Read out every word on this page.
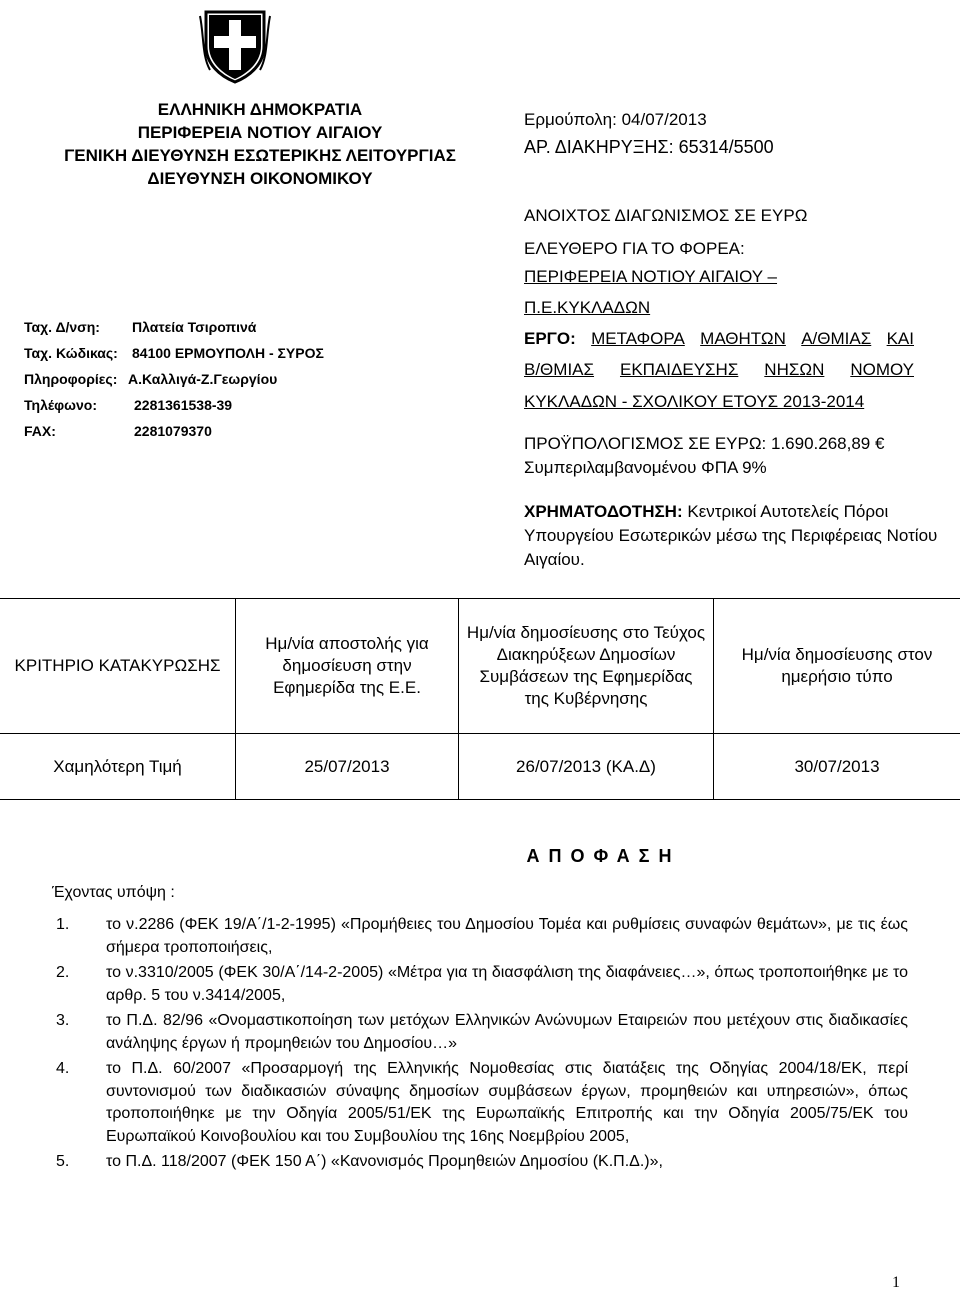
ΕΛΛΗΝΙΚΗ ΔΗΜΟΚΡΑΤΙΑ
ΠΕΡΙΦΕΡΕΙΑ ΝΟΤΙΟΥ ΑΙΓΑΙΟΥ
ΓΕΝΙΚΗ ΔΙΕΥΘΥΝΣΗ ΕΣΩΤΕΡΙΚΗΣ ΛΕΙΤΟΥΡΓΙΑΣ
ΔΙΕΥΘΥΝΣΗ ΟΙΚΟΝΟΜΙΚΟΥ
Ταχ. Δ/νση: Πλατεία Τσιροπινά
Ταχ. Κώδικας: 84100 ΕΡΜΟΥΠΟΛΗ - ΣΥΡΟΣ
Πληροφορίες: Α.Καλλιγά-Ζ.Γεωργίου
Τηλέφωνο:	2281361538-39
FAX:	2281079370
Ερμούπολη: 04/07/2013
ΑΡ. ΔΙΑΚΗΡΥΞΗΣ: 65314/5500
ΑΝΟΙΧΤΟΣ ΔΙΑΓΩΝΙΣΜΟΣ ΣΕ ΕΥΡΩ
ΕΛΕΥΘΕΡΟ ΓΙΑ ΤΟ ΦΟΡΕΑ:
ΠΕΡΙΦΕΡΕΙΑ ΝΟΤΙΟΥ ΑΙΓΑΙΟΥ –
Π.Ε.ΚΥΚΛΑΔΩΝ
ΕΡΓΟ: ΜΕΤΑΦΟΡΑ ΜΑΘΗΤΩΝ Α/ΘΜΙΑΣ ΚΑΙ
Β/ΘΜΙΑΣ ΕΚΠΑΙΔΕΥΣΗΣ ΝΗΣΩΝ ΝΟΜΟΥ
ΚΥΚΛΑΔΩΝ - ΣΧΟΛΙΚΟΥ ΕΤΟΥΣ 2013-2014
ΠΡΟΫΠΟΛΟΓΙΣΜΟΣ ΣΕ ΕΥΡΩ: 1.690.268,89 €
Συμπεριλαμβανομένου ΦΠΑ 9%
ΧΡΗΜΑΤΟΔΟΤΗΣΗ: Κεντρικοί Αυτοτελείς Πόροι Υπουργείου Εσωτερικών μέσω της Περιφέρειας Νοτίου Αιγαίου.
ΚΡΙΤΗΡΙΟ ΚΑΤΑΚΥΡΩΣΗΣ	Ημ/νία αποστολής για δημοσίευση στην Εφημερίδα της Ε.Ε.	Ημ/νία δημοσίευσης στο Τεύχος Διακηρύξεων Δημοσίων Συμβάσεων της Εφημερίδας της Κυβέρνησης	Ημ/νία δημοσίευσης στον ημερήσιο τύπο
Χαμηλότερη Τιμή	25/07/2013	26/07/2013 (ΚΑ.Δ)	30/07/2013
Α Π Ο Φ Α Σ Η
Έχοντας υπόψη :
1. το ν.2286 (ΦΕΚ 19/Α΄/1-2-1995) «Προμήθειες του Δημοσίου Τομέα και ρυθμίσεις συναφών θεμάτων», με τις έως σήμερα τροποποιήσεις,
2. το ν.3310/2005 (ΦΕΚ 30/Α΄/14-2-2005) «Μέτρα για τη διασφάλιση της διαφάνειες…», όπως τροποποιήθηκε με το αρθρ. 5 του ν.3414/2005,
3. το Π.Δ. 82/96 «Ονομαστικοποίηση των μετόχων Ελληνικών Ανώνυμων Εταιρειών που μετέχουν στις διαδικασίες ανάληψης έργων ή προμηθειών του Δημοσίου…»
4. το Π.Δ. 60/2007 «Προσαρμογή της Ελληνικής Νομοθεσίας στις διατάξεις της Οδηγίας 2004/18/ΕΚ, περί συντονισμού των διαδικασιών σύναψης δημοσίων συμβάσεων έργων, προμηθειών και υπηρεσιών», όπως τροποποιήθηκε με την Οδηγία 2005/51/ΕΚ της Ευρωπαϊκής Επιτροπής και την Οδηγία 2005/75/ΕΚ του Ευρωπαϊκού Κοινοβουλίου και του Συμβουλίου της 16ης Νοεμβρίου 2005,
5. το Π.Δ. 118/2007 (ΦΕΚ 150 Α΄) «Κανονισμός Προμηθειών Δημοσίου (Κ.Π.Δ.)»,
1
